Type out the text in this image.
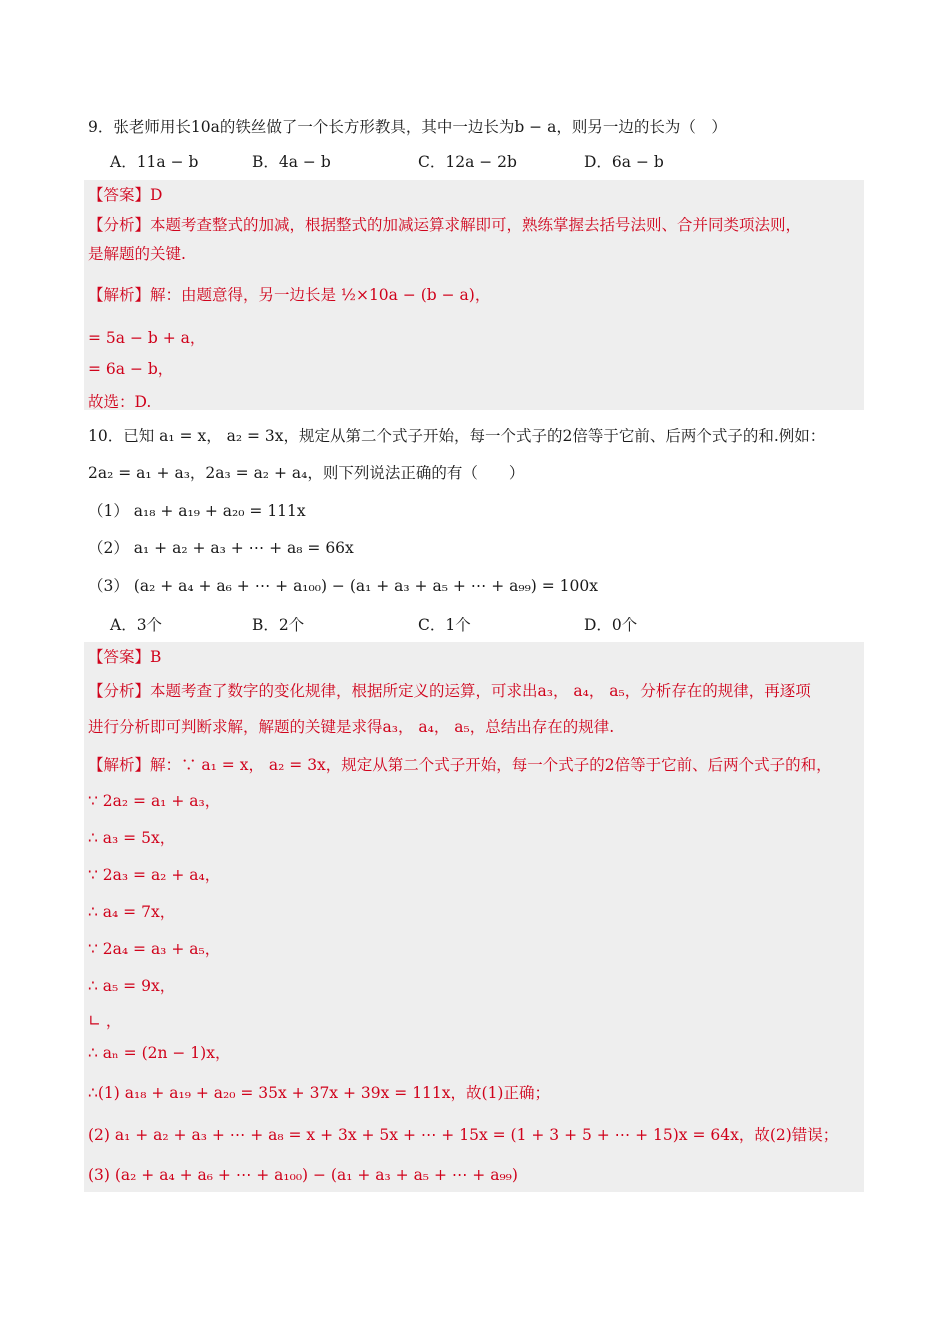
9．张老师用长10a的铁丝做了一个长方形教具，其中一边长为b − a，则另一边的长为（　）
A．11a − b	B．4a − b	C．12a − 2b	D．6a − b
【答案】D
【分析】本题考查整式的加减，根据整式的加减运算求解即可，熟练掌握去括号法则、合并同类项法则，
是解题的关键.
【解析】解：由题意得，另一边长是 ½×10a − (b − a)，
= 5a − b + a，
= 6a − b，
故选：D.
10．已知 a₁ = x， a₂ = 3x，规定从第二个式子开始，每一个式子的2倍等于它前、后两个式子的和.例如：
2a₂ = a₁ + a₃，2a₃ = a₂ + a₄，则下列说法正确的有（　　）
（1） a₁₈ + a₁₉ + a₂₀ = 111x
（2） a₁ + a₂ + a₃ + ⋯ + a₈ = 66x
（3） (a₂ + a₄ + a₆ + ⋯ + a₁₀₀) − (a₁ + a₃ + a₅ + ⋯ + a₉₉) = 100x
A．3个	B．2个	C．1个	D．0个
【答案】B
【分析】本题考查了数字的变化规律，根据所定义的运算，可求出a₃， a₄， a₅，分析存在的规律，再逐项
进行分析即可判断求解，解题的关键是求得a₃， a₄， a₅，总结出存在的规律.
【解析】解：∵ a₁ = x， a₂ = 3x，规定从第二个式子开始，每一个式子的2倍等于它前、后两个式子的和，
∵ 2a₂ = a₁ + a₃，
∴ a₃ = 5x，
∵ 2a₃ = a₂ + a₄，
∴ a₄ = 7x，
∵ 2a₄ = a₃ + a₅，
∴ a₅ = 9x，
∟ ，
∴ aₙ = (2n − 1)x，
∴(1) a₁₈ + a₁₉ + a₂₀ = 35x + 37x + 39x = 111x，故(1)正确；
(2) a₁ + a₂ + a₃ + ⋯ + a₈ = x + 3x + 5x + ⋯ + 15x = (1 + 3 + 5 + ⋯ + 15)x = 64x，故(2)错误；
(3) (a₂ + a₄ + a₆ + ⋯ + a₁₀₀) − (a₁ + a₃ + a₅ + ⋯ + a₉₉)
